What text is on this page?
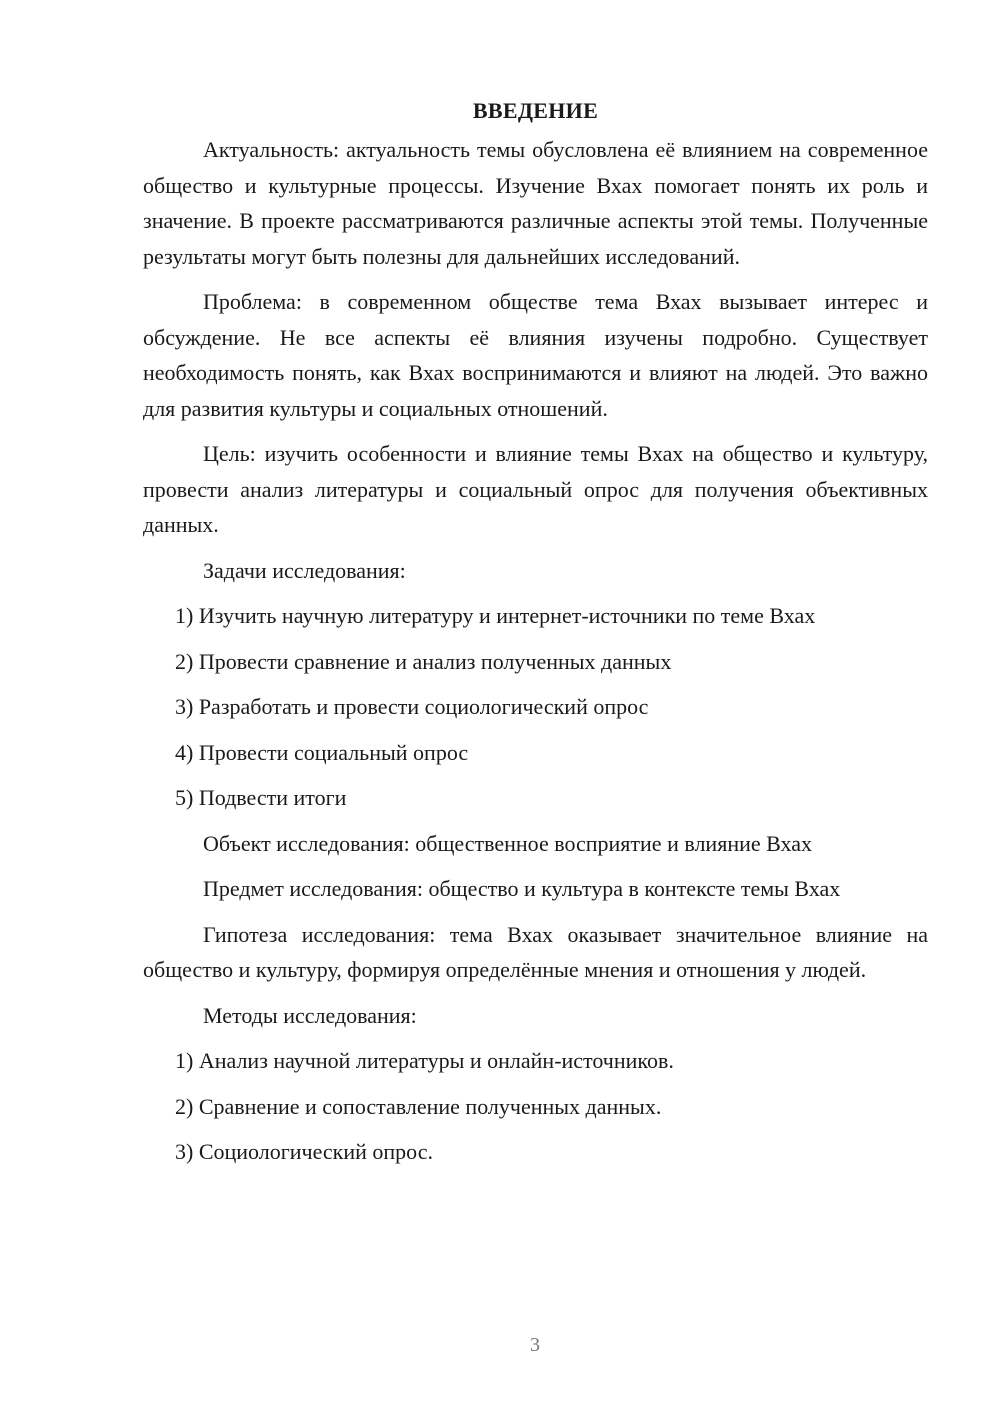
ВВЕДЕНИЕ

Актуальность: актуальность темы обусловлена её влиянием на современное общество и культурные процессы. Изучение Вхах помогает понять их роль и значение. В проекте рассматриваются различные аспекты этой темы. Полученные результаты могут быть полезны для дальнейших исследований.

Проблема: в современном обществе тема Вхах вызывает интерес и обсуждение. Не все аспекты её влияния изучены подробно. Существует необходимость понять, как Вхах воспринимаются и влияют на людей. Это важно для развития культуры и социальных отношений.

Цель: изучить особенности и влияние темы Вхах на общество и культуру, провести анализ литературы и социальный опрос для получения объективных данных.

Задачи исследования:

1) Изучить научную литературу и интернет-источники по теме Вхах

2) Провести сравнение и анализ полученных данных

3) Разработать и провести социологический опрос

4) Провести социальный опрос

5) Подвести итоги

Объект исследования: общественное восприятие и влияние Вхах

Предмет исследования: общество и культура в контексте темы Вхах

Гипотеза исследования: тема Вхах оказывает значительное влияние на общество и культуру, формируя определённые мнения и отношения у людей.

Методы исследования:

1) Анализ научной литературы и онлайн-источников.

2) Сравнение и сопоставление полученных данных.

3) Социологический опрос.

3
